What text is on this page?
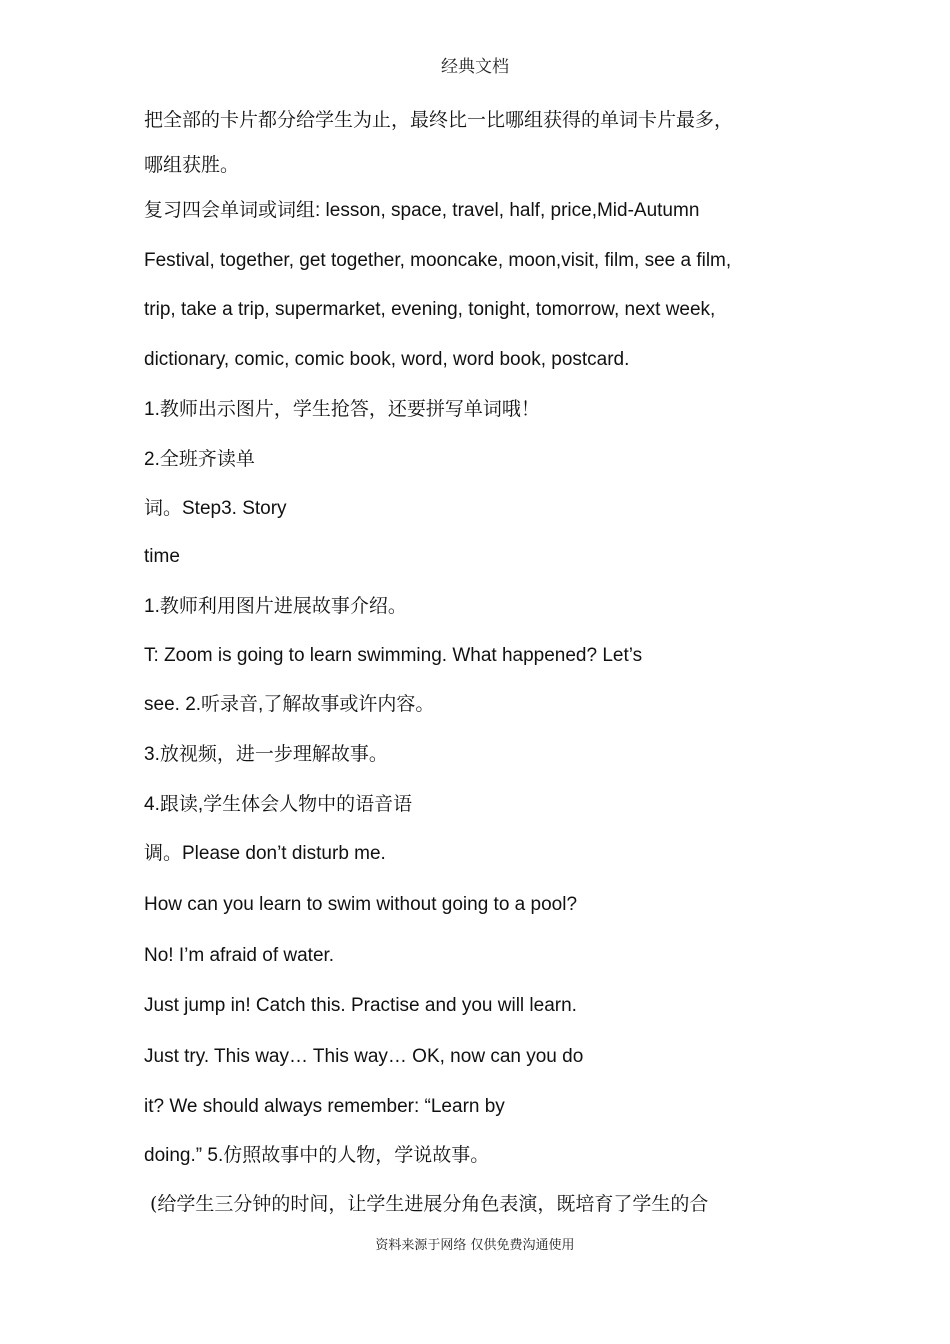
经典文档
把全部的卡片都分给学生为止，最终比一比哪组获得的单词卡片最多，
哪组获胜。
复习四会单词或词组: lesson, space, travel, half, price,Mid-Autumn
Festival, together, get together, mooncake, moon,visit, film, see a film,
trip, take a trip, supermarket, evening, tonight, tomorrow, next week,
dictionary, comic, comic book, word, word book, postcard.
1.教师出示图片，学生抢答，还要拼写单词哦！
2.全班齐读单
词。Step3. Story
time
1.教师利用图片进展故事介绍。
T: Zoom is going to learn swimming. What happened? Let’s
see. 2.听录音,了解故事或许内容。
3.放视频，进一步理解故事。
4.跟读,学生体会人物中的语音语
调。Please don’t disturb me.
How can you learn to swim without going to a pool?
No! I’m afraid of water.
Just jump in! Catch this. Practise and you will learn.
Just try. This way… This way… OK, now can you do
it? We should always remember: “Learn by
doing.” 5.仿照故事中的人物，学说故事。
(给学生三分钟的时间，让学生进展分角色表演，既培育了学生的合
资料来源于网络 仅供免费沟通使用
